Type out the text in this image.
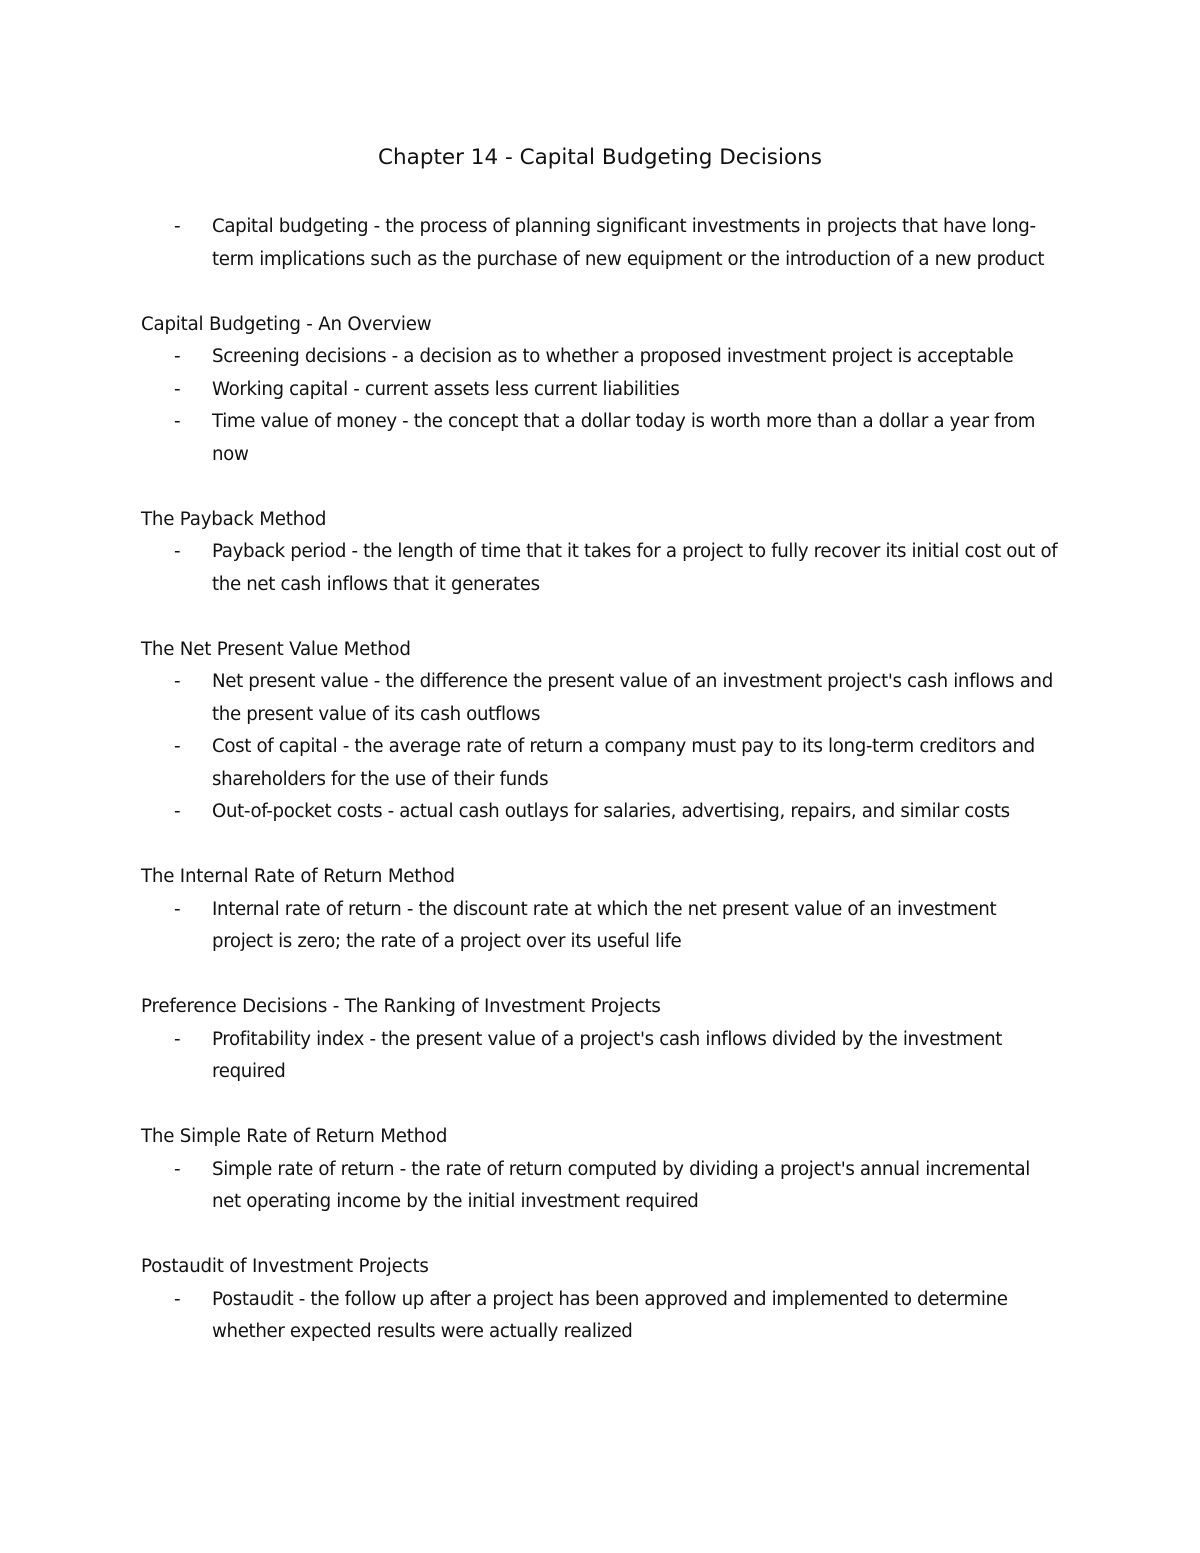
Chapter 14 - Capital Budgeting Decisions
- Capital budgeting - the process of planning significant investments in projects that have long-term implications such as the purchase of new equipment or the introduction of a new product
Capital Budgeting - An Overview
- Screening decisions - a decision as to whether a proposed investment project is acceptable
- Working capital - current assets less current liabilities
- Time value of money - the concept that a dollar today is worth more than a dollar a year from now
The Payback Method
- Payback period - the length of time that it takes for a project to fully recover its initial cost out of the net cash inflows that it generates
The Net Present Value Method
- Net present value - the difference the present value of an investment project's cash inflows and the present value of its cash outflows
- Cost of capital - the average rate of return a company must pay to its long-term creditors and shareholders for the use of their funds
- Out-of-pocket costs - actual cash outlays for salaries, advertising, repairs, and similar costs
The Internal Rate of Return Method
- Internal rate of return - the discount rate at which the net present value of an investment project is zero; the rate of a project over its useful life
Preference Decisions - The Ranking of Investment Projects
- Profitability index - the present value of a project's cash inflows divided by the investment required
The Simple Rate of Return Method
- Simple rate of return - the rate of return computed by dividing a project's annual incremental net operating income by the initial investment required
Postaudit of Investment Projects
- Postaudit - the follow up after a project has been approved and implemented to determine whether expected results were actually realized
